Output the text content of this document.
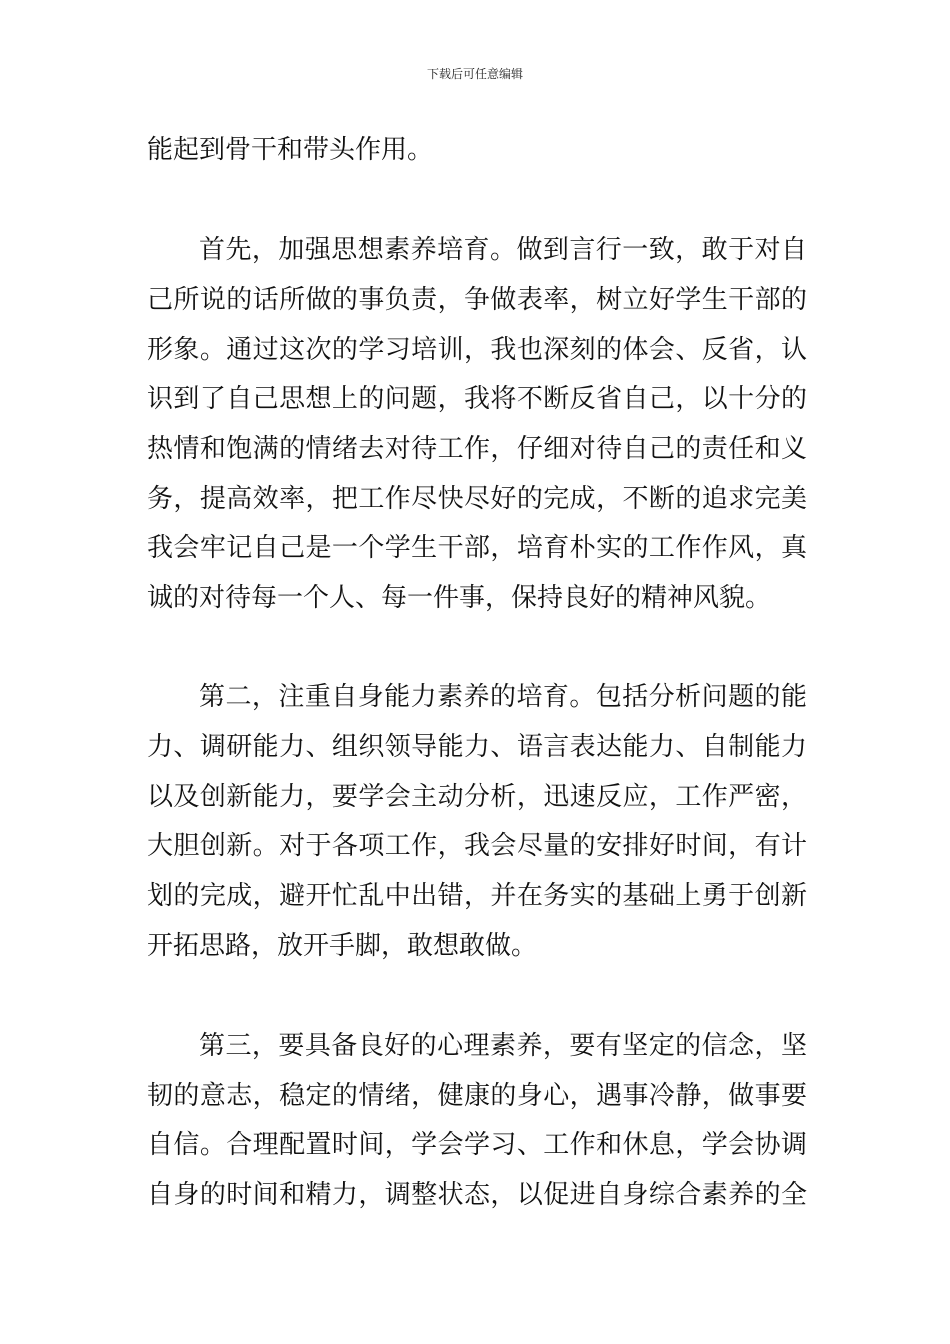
下载后可任意编辑
能起到骨干和带头作用。
首先，加强思想素养培育。做到言行一致，敢于对自
己所说的话所做的事负责，争做表率，树立好学生干部的
形象。通过这次的学习培训，我也深刻的体会、反省，认
识到了自己思想上的问题，我将不断反省自己，以十分的
热情和饱满的情绪去对待工作，仔细对待自己的责任和义
务，提高效率，把工作尽快尽好的完成，不断的追求完美
我会牢记自己是一个学生干部，培育朴实的工作作风，真
诚的对待每一个人、每一件事，保持良好的精神风貌。
第二，注重自身能力素养的培育。包括分析问题的能
力、调研能力、组织领导能力、语言表达能力、自制能力
以及创新能力，要学会主动分析，迅速反应，工作严密，
大胆创新。对于各项工作，我会尽量的安排好时间，有计
划的完成，避开忙乱中出错，并在务实的基础上勇于创新
开拓思路，放开手脚，敢想敢做。
第三，要具备良好的心理素养，要有坚定的信念，坚
韧的意志，稳定的情绪，健康的身心，遇事冷静，做事要
自信。合理配置时间，学会学习、工作和休息，学会协调
自身的时间和精力，调整状态，以促进自身综合素养的全
